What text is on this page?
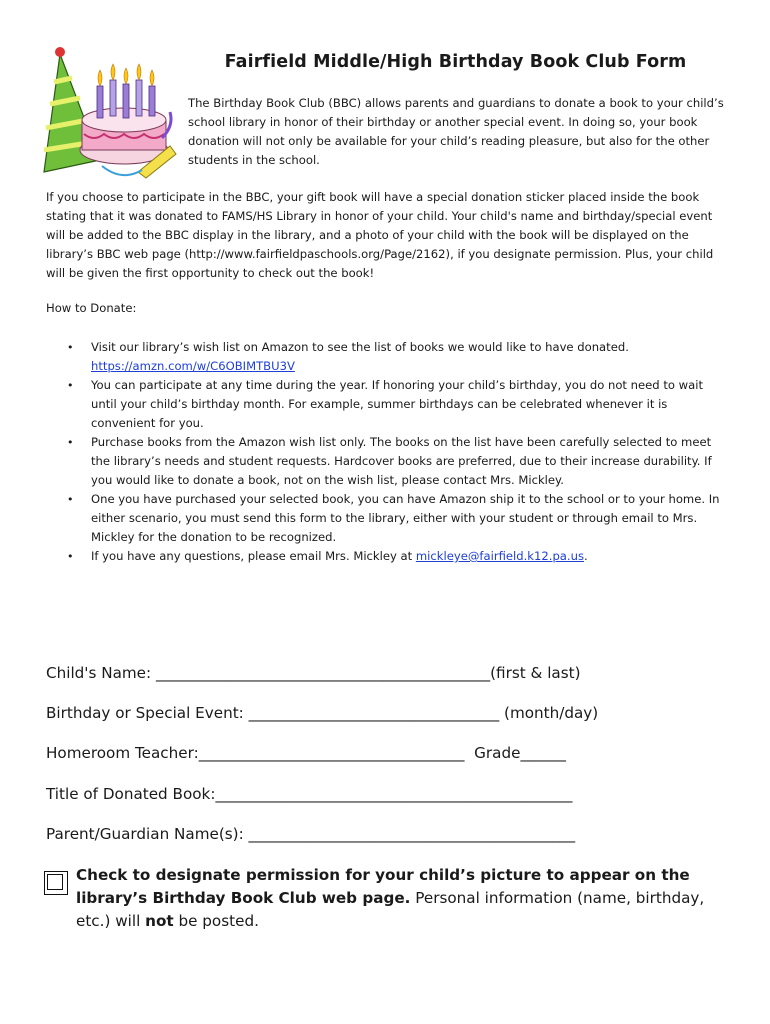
Fairfield Middle/High Birthday Book Club Form
The Birthday Book Club (BBC) allows parents and guardians to donate a book to your child’s school library in honor of their birthday or another special event. In doing so, your book donation will not only be available for your child’s reading pleasure, but also for the other students in the school.
If you choose to participate in the BBC, your gift book will have a special donation sticker placed inside the book stating that it was donated to FAMS/HS Library in honor of your child. Your child's name and birthday/special event will be added to the BBC display in the library, and a photo of your child with the book will be displayed on the library’s BBC web page (http://www.fairfieldpaschools.org/Page/2162), if you designate permission. Plus, your child will be given the first opportunity to check out the book!
How to Donate:
• Visit our library’s wish list on Amazon to see the list of books we would like to have donated.
https://amzn.com/w/C6OBIMTBU3V
• You can participate at any time during the year. If honoring your child’s birthday, you do not need to wait until your child’s birthday month. For example, summer birthdays can be celebrated whenever it is convenient for you.
• Purchase books from the Amazon wish list only. The books on the list have been carefully selected to meet the library’s needs and student requests. Hardcover books are preferred, due to their increase durability. If you would like to donate a book, not on the wish list, please contact Mrs. Mickley.
• One you have purchased your selected book, you can have Amazon ship it to the school or to your home. In either scenario, you must send this form to the library, either with your student or through email to Mrs. Mickley for the donation to be recognized.
• If you have any questions, please email Mrs. Mickley at mickleye@fairfield.k12.pa.us.
Child's Name: ____________________________________________(first & last)
Birthday or Special Event: _________________________________ (month/day)
Homeroom Teacher:___________________________________  Grade______
Title of Donated Book:_______________________________________________
Parent/Guardian Name(s): ___________________________________________
Check to designate permission for your child’s picture to appear on the library’s Birthday Book Club web page. Personal information (name, birthday, etc.) will not be posted.
